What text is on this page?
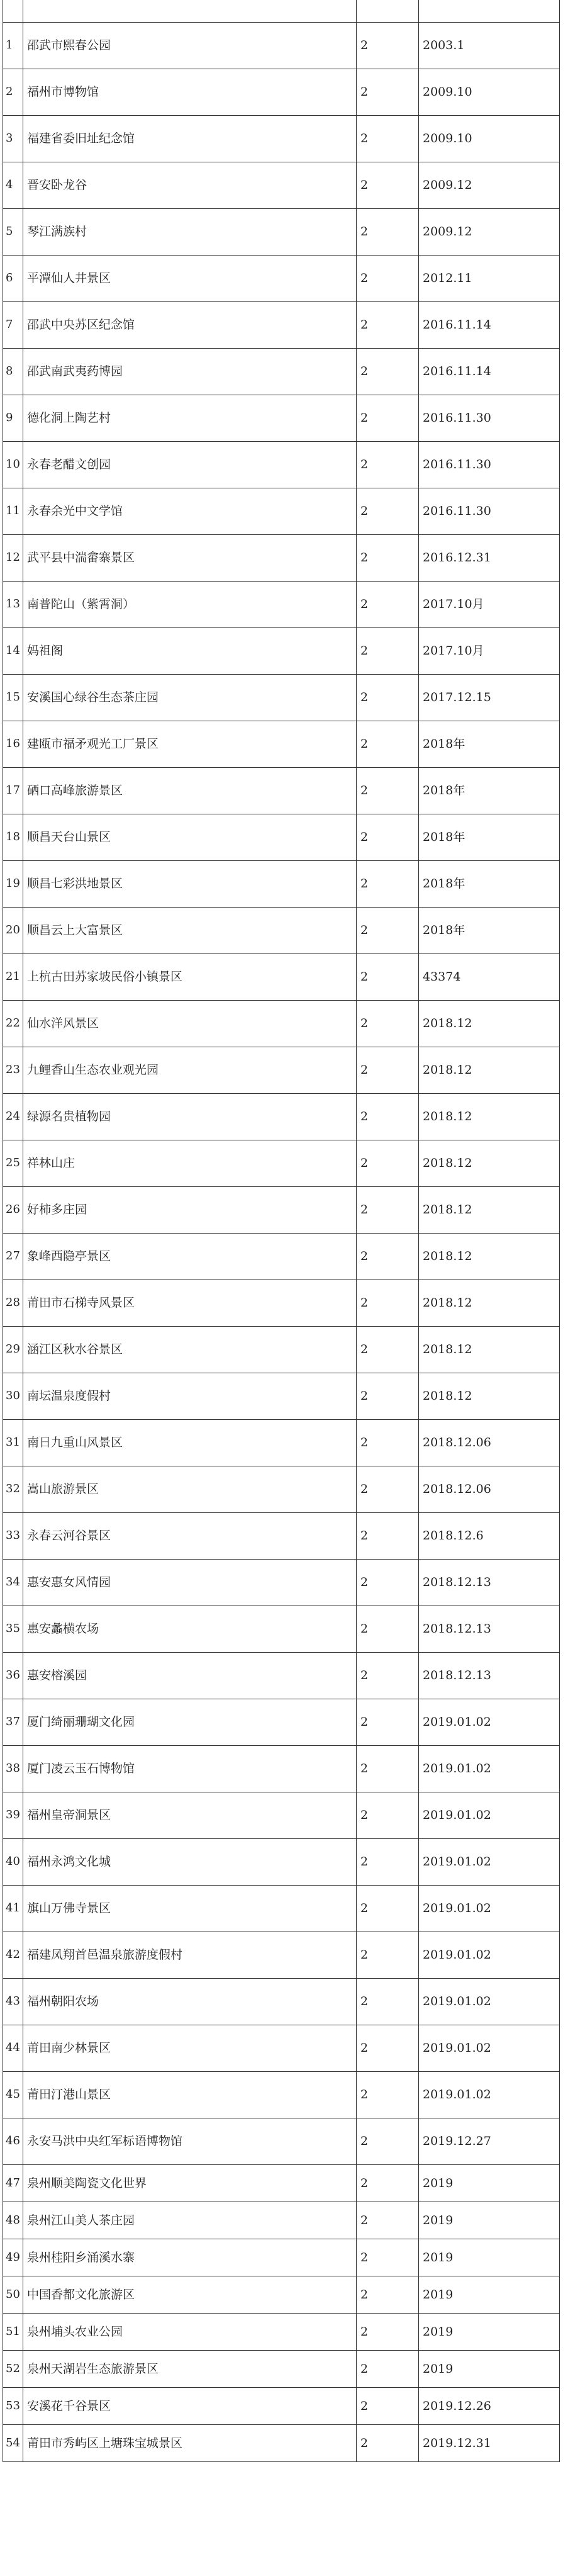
1	邵武市熙春公园	2	2003.1
2	福州市博物馆	2	2009.10
3	福建省委旧址纪念馆	2	2009.10
4	晋安卧龙谷	2	2009.12
5	琴江满族村	2	2009.12
6	平潭仙人井景区	2	2012.11
7	邵武中央苏区纪念馆	2	2016.11.14
8	邵武南武夷药博园	2	2016.11.14
9	德化洞上陶艺村	2	2016.11.30
10	永春老醋文创园	2	2016.11.30
11	永春余光中文学馆	2	2016.11.30
12	武平县中湍畲寨景区	2	2016.12.31
13	南普陀山（紫霄洞）	2	2017.10月
14	妈祖阁	2	2017.10月
15	安溪国心绿谷生态茶庄园	2	2017.12.15
16	建瓯市福矛观光工厂景区	2	2018年
17	硒口高峰旅游景区	2	2018年
18	顺昌天台山景区	2	2018年
19	顺昌七彩洪地景区	2	2018年
20	顺昌云上大富景区	2	2018年
21	上杭古田苏家坡民俗小镇景区	2	43374
22	仙水洋风景区	2	2018.12
23	九鲤香山生态农业观光园	2	2018.12
24	绿源名贵植物园	2	2018.12
25	祥林山庄	2	2018.12
26	好柿多庄园	2	2018.12
27	象峰西隐亭景区	2	2018.12
28	莆田市石梯寺风景区	2	2018.12
29	涵江区秋水谷景区	2	2018.12
30	南坛温泉度假村	2	2018.12
31	南日九重山风景区	2	2018.12.06
32	嵩山旅游景区	2	2018.12.06
33	永春云河谷景区	2	2018.12.6
34	惠安惠女风情园	2	2018.12.13
35	惠安蠡横农场	2	2018.12.13
36	惠安榕溪园	2	2018.12.13
37	厦门绮丽珊瑚文化园	2	2019.01.02
38	厦门凌云玉石博物馆	2	2019.01.02
39	福州皇帝洞景区	2	2019.01.02
40	福州永鸿文化城	2	2019.01.02
41	旗山万佛寺景区	2	2019.01.02
42	福建凤翔首邑温泉旅游度假村	2	2019.01.02
43	福州朝阳农场	2	2019.01.02
44	莆田南少林景区	2	2019.01.02
45	莆田汀港山景区	2	2019.01.02
46	永安马洪中央红军标语博物馆	2	2019.12.27
47	泉州顺美陶瓷文化世界	2	2019
48	泉州江山美人茶庄园	2	2019
49	泉州桂阳乡涌溪水寨	2	2019
50	中国香都文化旅游区	2	2019
51	泉州埔头农业公园	2	2019
52	泉州天湖岩生态旅游景区	2	2019
53	安溪花千谷景区	2	2019.12.26
54	莆田市秀屿区上塘珠宝城景区	2	2019.12.31
